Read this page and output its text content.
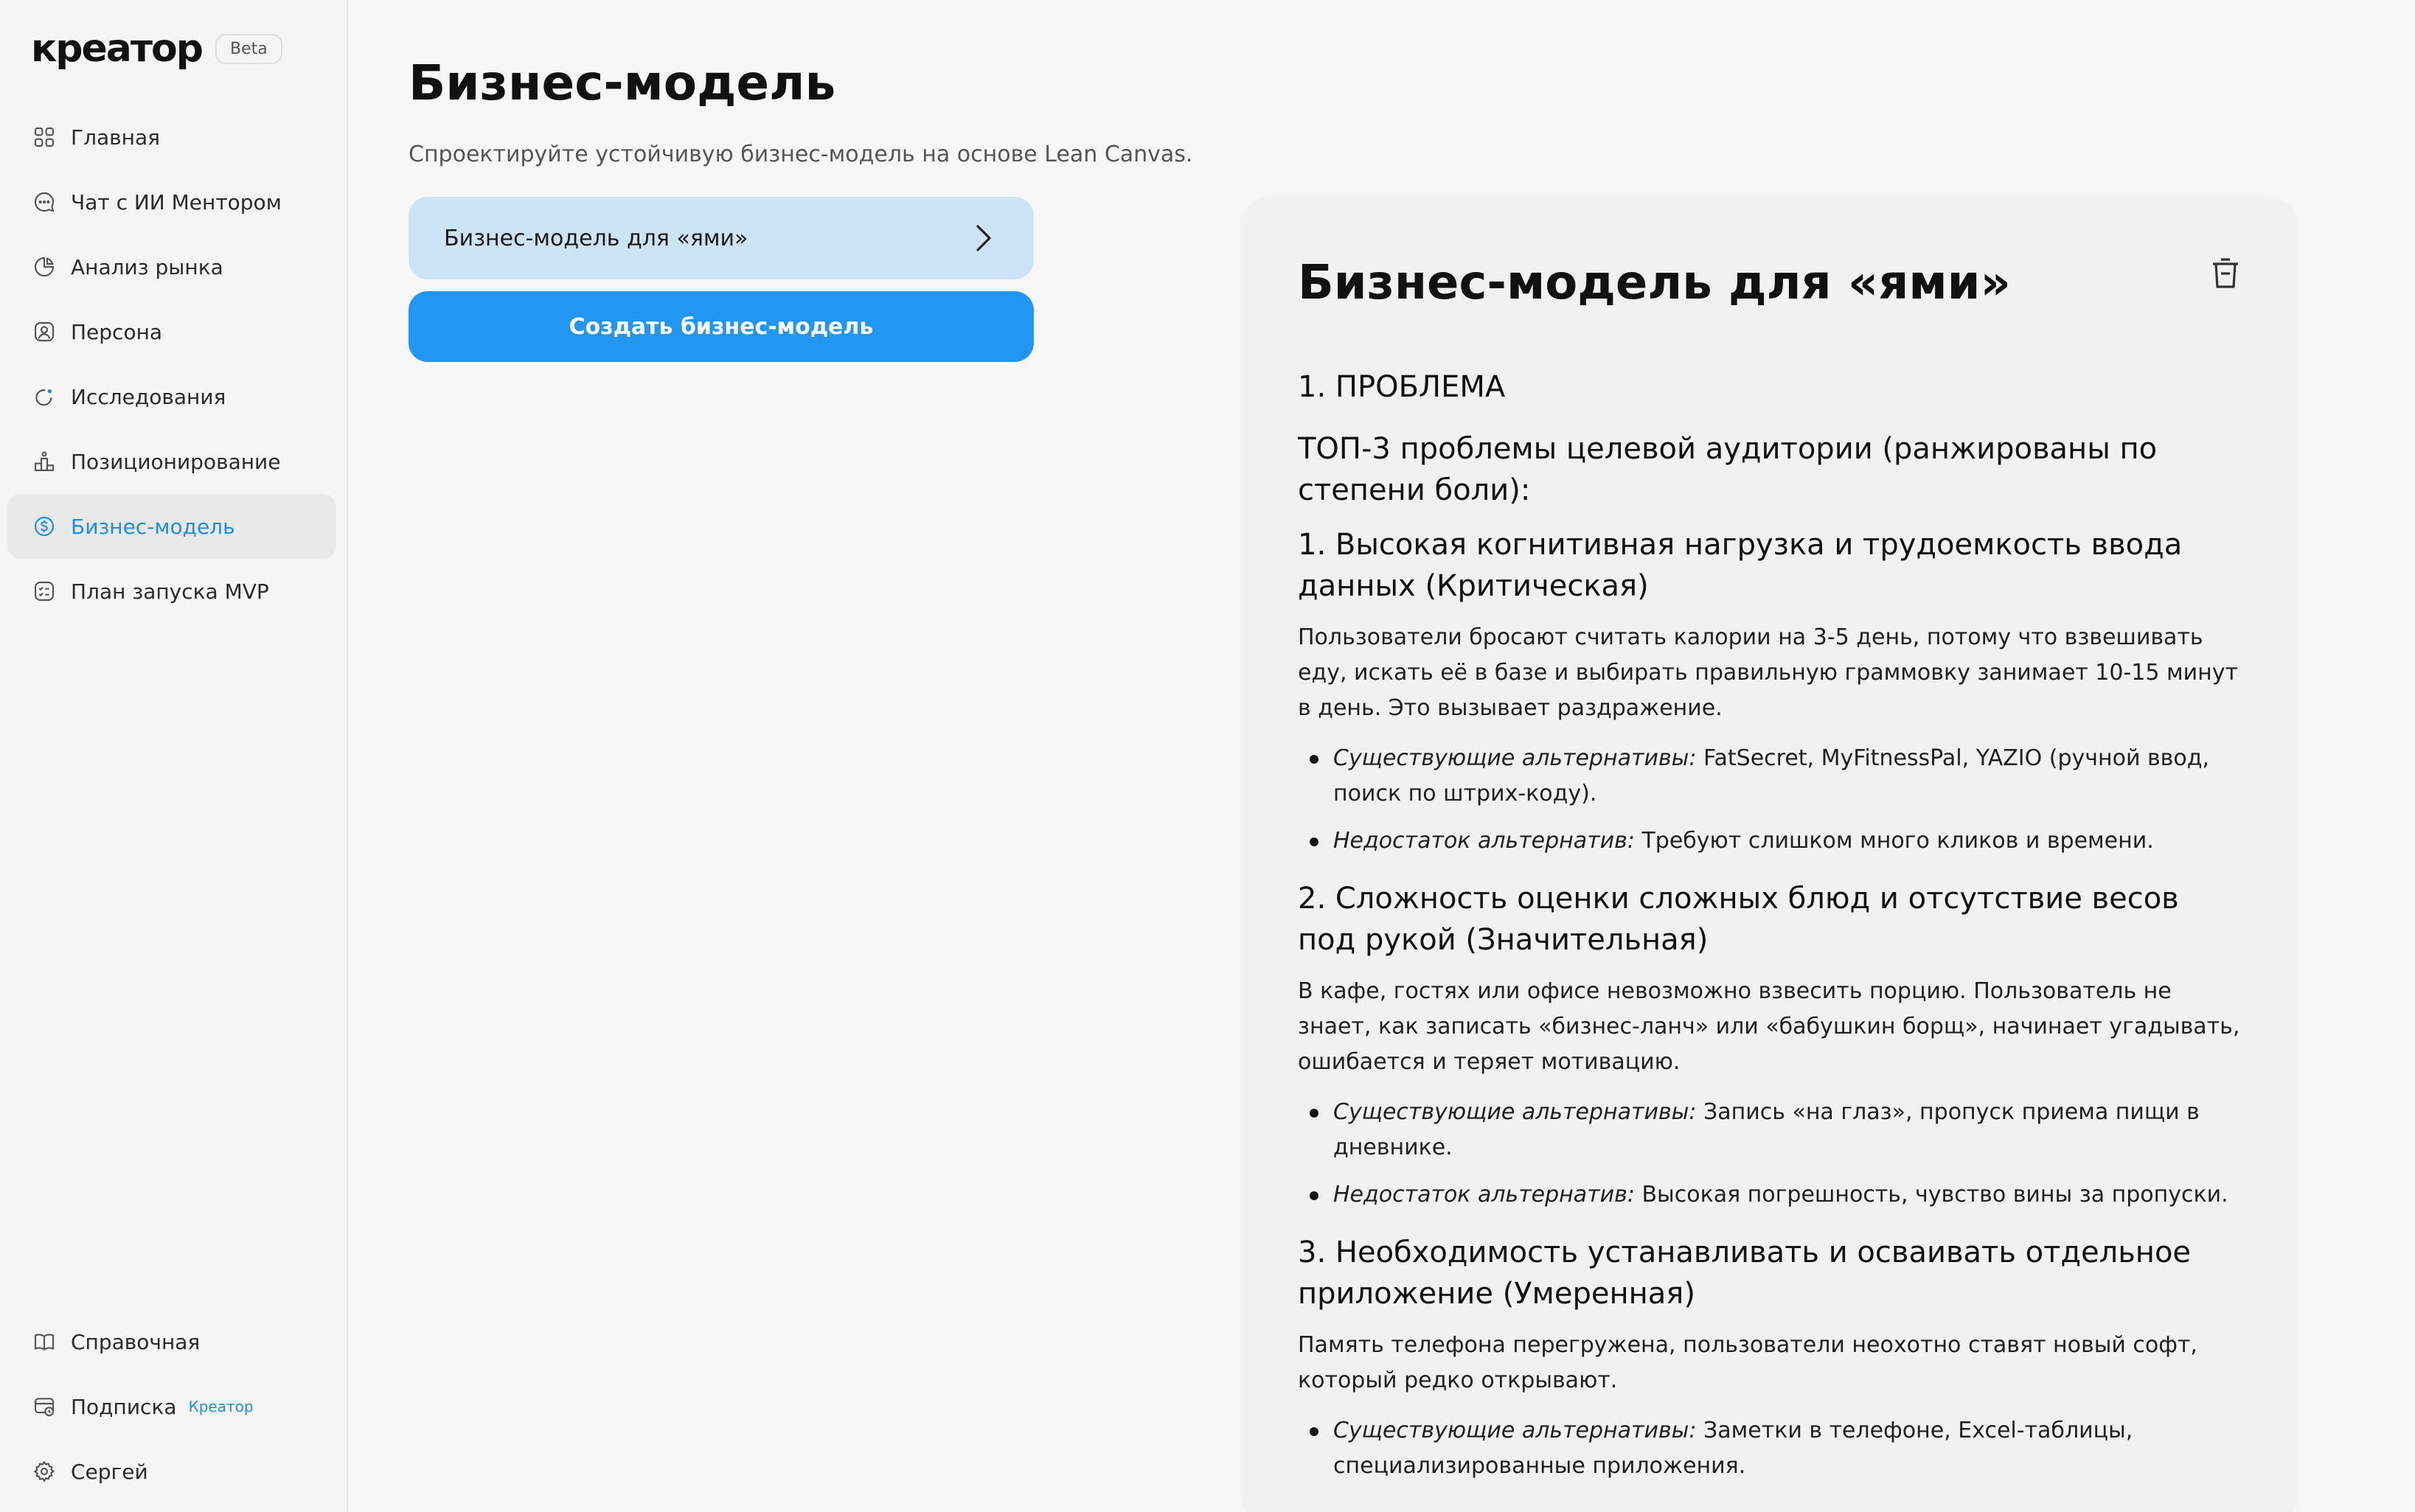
креатор	Beta
Главная
Чат с ИИ Ментором
Анализ рынка
Персона
Исследования
Позиционирование
Бизнес-модель
План запуска MVP
Справочная
Подписка Креатор
Сергей
Бизнес-модель
Спроектируйте устойчивую бизнес-модель на основе Lean Canvas.
Бизнес-модель для «ями»
Создать бизнес-модель
Бизнес-модель для «ями»
1. ПРОБЛЕМА
ТОП-3 проблемы целевой аудитории (ранжированы по степени боли):
1. Высокая когнитивная нагрузка и трудоемкость ввода данных (Критическая)

Пользователи бросают считать калории на 3-5 день, потому что взвешивать еду, искать её в базе и выбирать правильную граммовку занимает 10-15 минут в день. Это вызывает раздражение.

Существующие альтернативы: FatSecret, MyFitnessPal, YAZIO (ручной ввод, поиск по штрих-коду).
Недостаток альтернатив: Требуют слишком много кликов и времени.
2. Сложность оценки сложных блюд и отсутствие весов под рукой (Значительная)

В кафе, гостях или офисе невозможно взвесить порцию. Пользователь не знает, как записать «бизнес-ланч» или «бабушкин борщ», начинает угадывать, ошибается и теряет мотивацию.

Существующие альтернативы: Запись «на глаз», пропуск приема пищи в дневнике.
Недостаток альтернатив: Высокая погрешность, чувство вины за пропуски.
3. Необходимость устанавливать и осваивать отдельное приложение (Умеренная)

Память телефона перегружена, пользователи неохотно ставят новый софт, который редко открывают.

Существующие альтернативы: Заметки в телефоне, Excel-таблицы, специализированные приложения.
